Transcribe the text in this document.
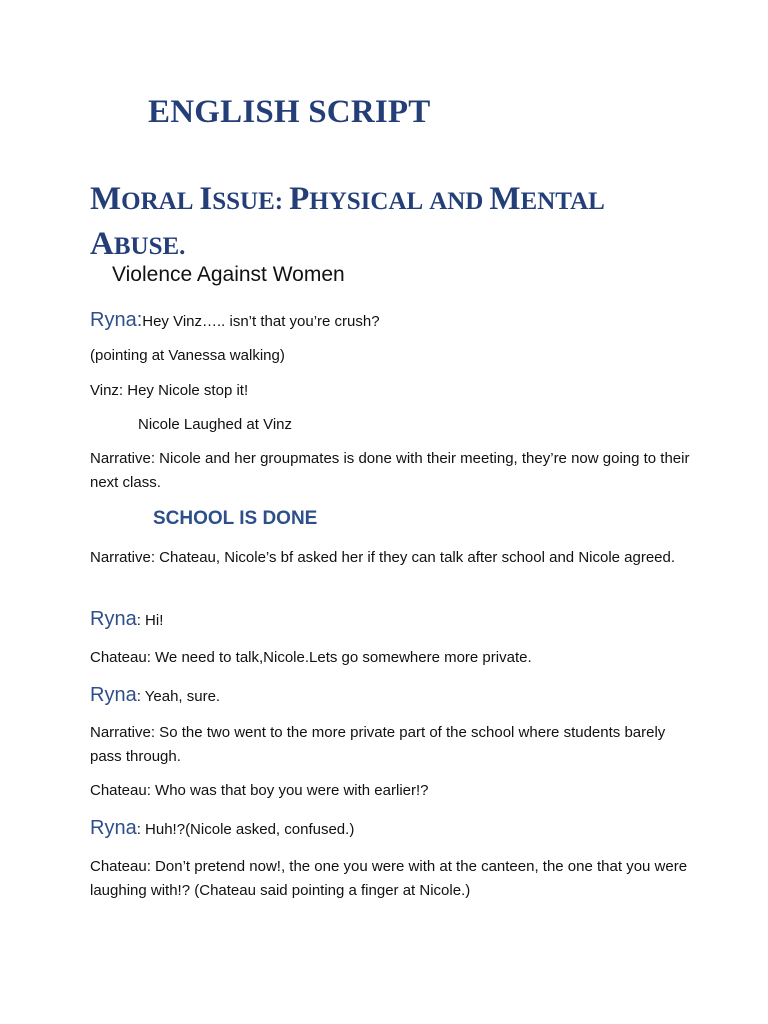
ENGLISH SCRIPT
MORAL ISSUE: PHYSICAL AND MENTAL
ABUSE.

Violence Against Women

Ryna:Hey Vinz….. isn’t that you’re crush?

(pointing at Vanessa walking)

Vinz: Hey Nicole stop it!

Nicole Laughed at Vinz

Narrative: Nicole and her groupmates is done with their meeting, they’re now going to their next class.

SCHOOL IS DONE

Narrative: Chateau, Nicole’s bf asked her if they can talk after school and Nicole agreed.

Ryna: Hi!

Chateau: We need to talk,Nicole.Lets go somewhere more private.

Ryna: Yeah, sure.

Narrative: So the two went to the more private part of the school where students barely pass through.

Chateau: Who was that boy you were with earlier!?

Ryna: Huh!?(Nicole asked, confused.)

Chateau: Don’t pretend now!, the one you were with at the canteen, the one that you were laughing with!? (Chateau said pointing a finger at Nicole.)
